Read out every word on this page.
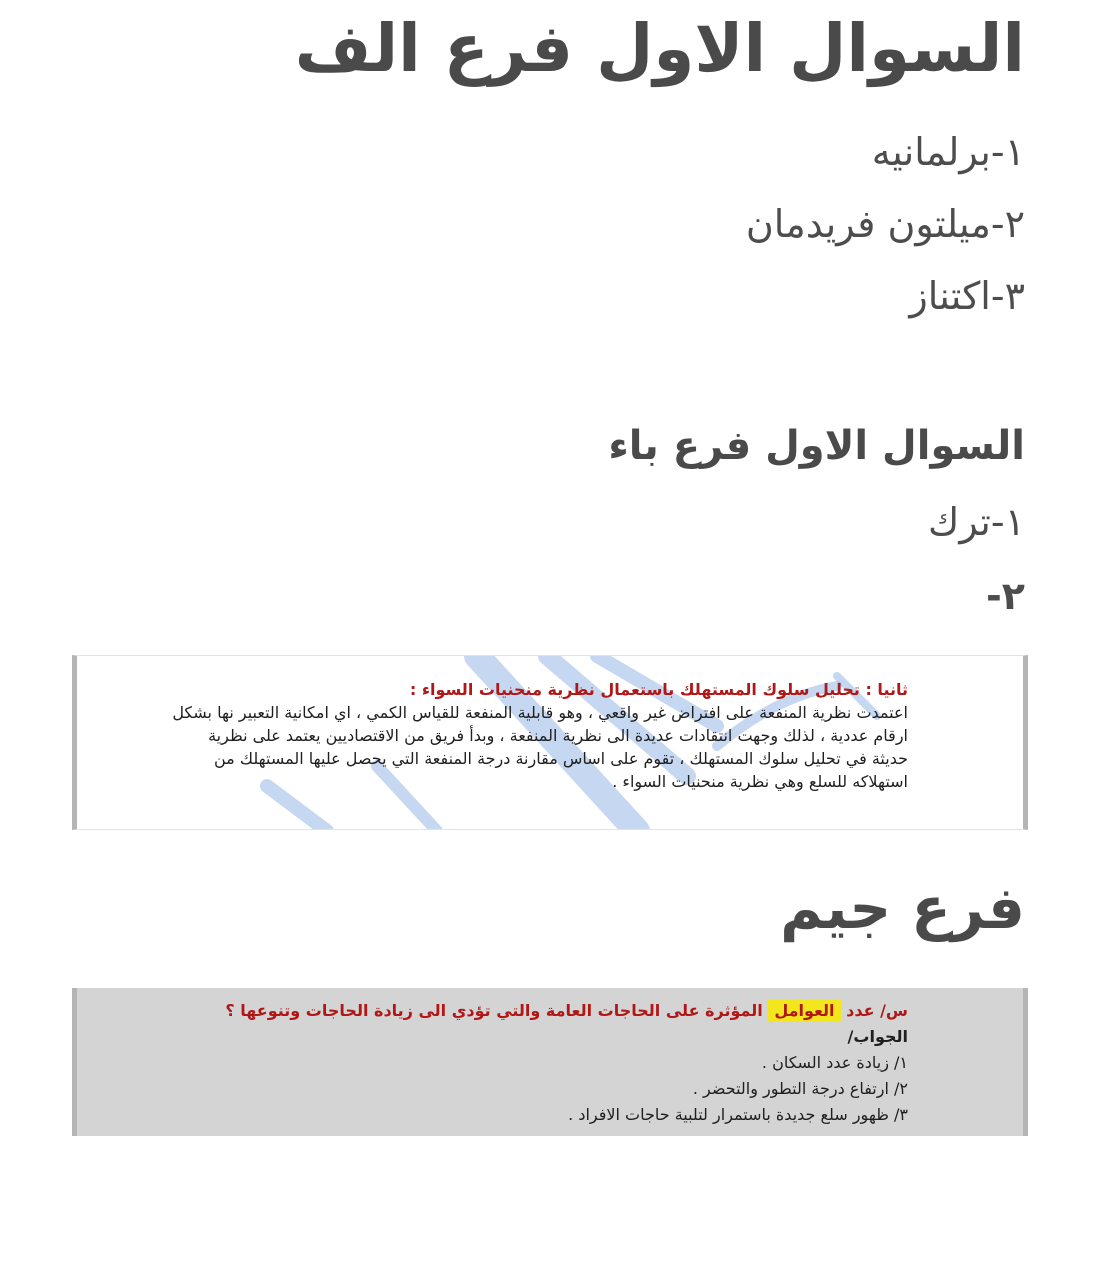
السوال الاول فرع الف
١-برلمانيه
٢-ميلتون فريدمان
٣-اكتناز
السوال الاول فرع باء
١-ترك
٢-
ثانيا : تحليل سلوك المستهلك باستعمال نظرية منحنيات السواء :
اعتمدت نظرية المنفعة على افتراض غير واقعي ، وهو قابلية المنفعة للقياس الكمي ، اي امكانية التعبير نها بشكل
ارقام عددية ، لذلك وجهت انتقادات عديدة الى نظرية المنفعة ، وبدأ فريق من الاقتصاديين يعتمد على نظرية
حديثة في تحليل سلوك المستهلك ، تقوم على اساس مقارنة درجة المنفعة التي يحصل عليها المستهلك من
استهلاكه للسلع وهي نظرية منحنيات السواء .
فرع جيم
س/ عدد العوامل المؤثرة على الحاجات العامة والتي تؤدي الى زيادة الحاجات وتنوعها ؟
الجواب/
١/ زيادة عدد السكان .
٢/ ارتفاع درجة التطور والتحضر .
٣/ ظهور سلع جديدة باستمرار لتلبية حاجات الافراد .
